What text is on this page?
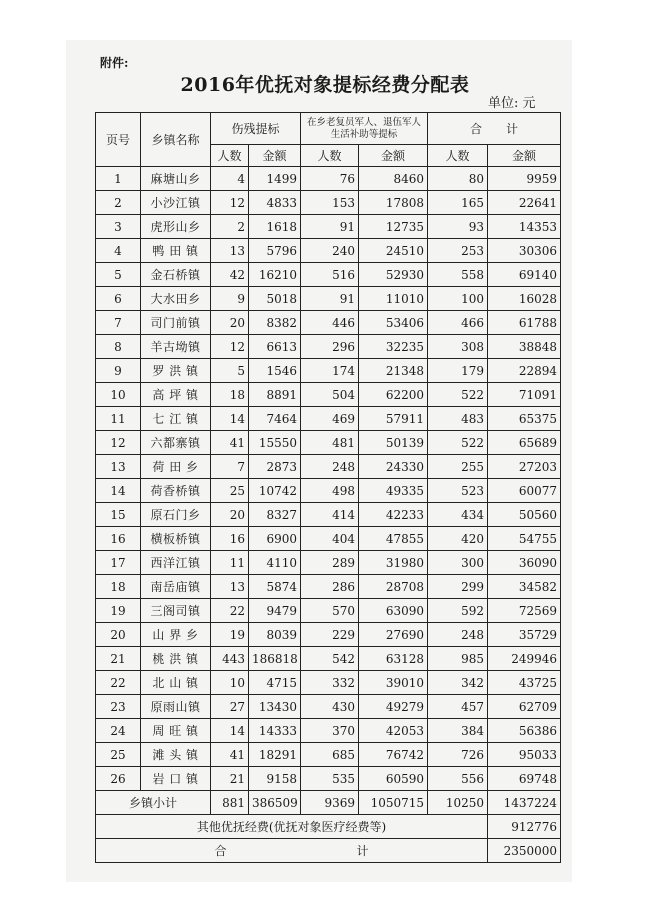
附件:
2016年优抚对象提标经费分配表
单位: 元
页号	乡镇名称	伤残提标		在乡老复员军人、退伍军人生活补助等提标		合　　计	
		人数	金额	人数	金额	人数	金额
1	麻塘山乡	4	1499	76	8460	80	9959
2	小沙江镇	12	4833	153	17808	165	22641
3	虎形山乡	2	1618	91	12735	93	14353
4	鸭 田 镇	13	5796	240	24510	253	30306
5	金石桥镇	42	16210	516	52930	558	69140
6	大水田乡	9	5018	91	11010	100	16028
7	司门前镇	20	8382	446	53406	466	61788
8	羊古坳镇	12	6613	296	32235	308	38848
9	罗 洪 镇	5	1546	174	21348	179	22894
10	高 坪 镇	18	8891	504	62200	522	71091
11	七 江 镇	14	7464	469	57911	483	65375
12	六都寨镇	41	15550	481	50139	522	65689
13	荷 田 乡	7	2873	248	24330	255	27203
14	荷香桥镇	25	10742	498	49335	523	60077
15	原石门乡	20	8327	414	42233	434	50560
16	横板桥镇	16	6900	404	47855	420	54755
17	西洋江镇	11	4110	289	31980	300	36090
18	南岳庙镇	13	5874	286	28708	299	34582
19	三阁司镇	22	9479	570	63090	592	72569
20	山 界 乡	19	8039	229	27690	248	35729
21	桃 洪 镇	443	186818	542	63128	985	249946
22	北 山 镇	10	4715	332	39010	342	43725
23	原雨山镇	27	13430	430	49279	457	62709
24	周 旺 镇	14	14333	370	42053	384	56386
25	滩 头 镇	41	18291	685	76742	726	95033
26	岩 口 镇	21	9158	535	60590	556	69748
乡镇小计		881	386509	9369	1050715	10250	1437224
其他优抚经费(优抚对象医疗经费等)							912776
合 计							2350000
